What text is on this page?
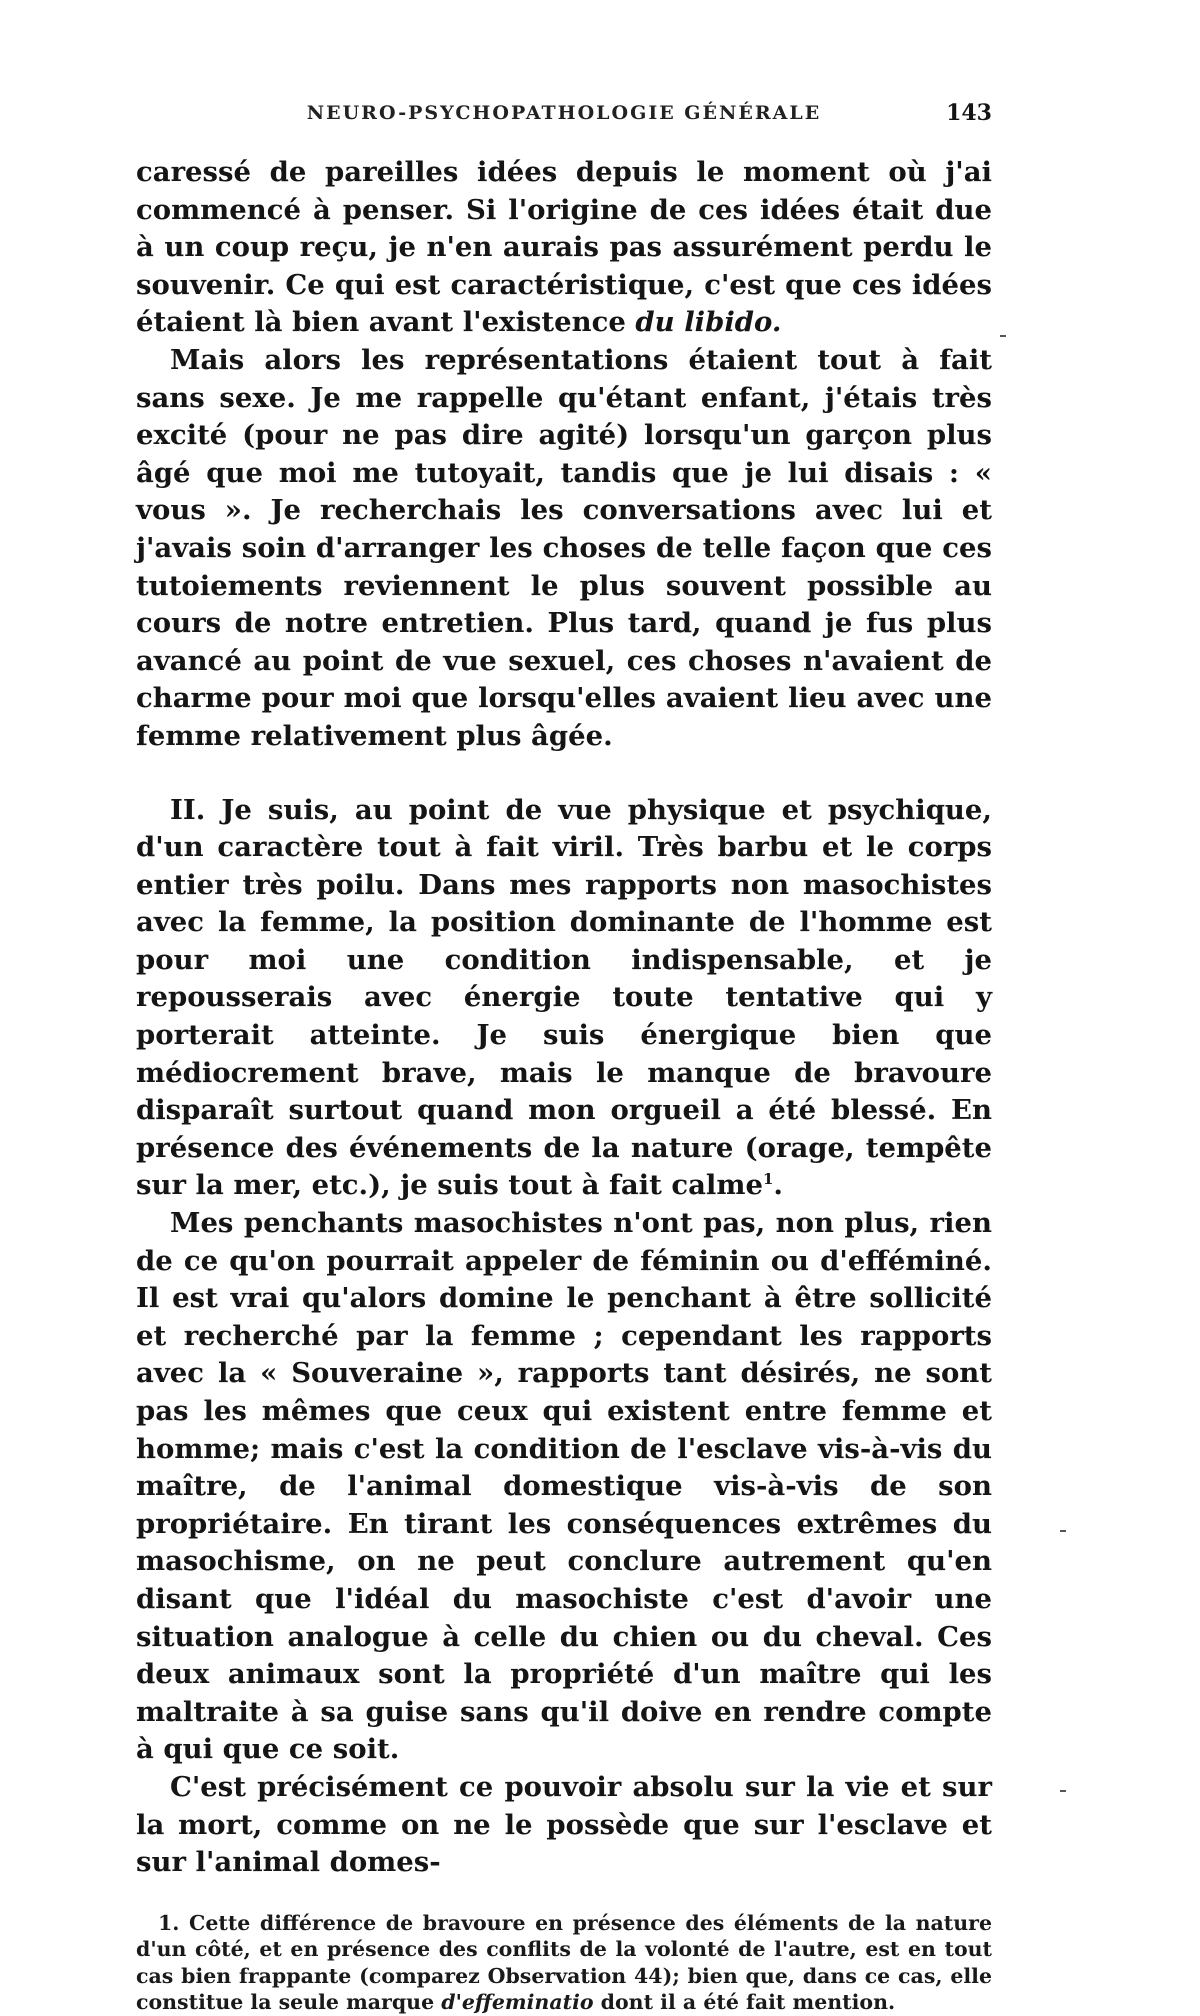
NEURO-PSYCHOPATHOLOGIE GÉNÉRALE	143

caressé de pareilles idées depuis le moment où j'ai commencé à penser. Si l'origine de ces idées était due à un coup reçu, je n'en aurais pas assurément perdu le souvenir. Ce qui est caractéristique, c'est que ces idées étaient là bien avant l'existence du libido.

Mais alors les représentations étaient tout à fait sans sexe. Je me rappelle qu'étant enfant, j'étais très excité (pour ne pas dire agité) lorsqu'un garçon plus âgé que moi me tutoyait, tandis que je lui disais : « vous ». Je recherchais les conversations avec lui et j'avais soin d'arranger les choses de telle façon que ces tutoiements reviennent le plus souvent possible au cours de notre entretien. Plus tard, quand je fus plus avancé au point de vue sexuel, ces choses n'avaient de charme pour moi que lorsqu'elles avaient lieu avec une femme relativement plus âgée.

II. Je suis, au point de vue physique et psychique, d'un caractère tout à fait viril. Très barbu et le corps entier très poilu. Dans mes rapports non masochistes avec la femme, la position dominante de l'homme est pour moi une condition indispensable, et je repousserais avec énergie toute tentative qui y porterait atteinte. Je suis énergique bien que médiocrement brave, mais le manque de bravoure disparaît surtout quand mon orgueil a été blessé. En présence des événements de la nature (orage, tempête sur la mer, etc.), je suis tout à fait calme$^1$.

Mes penchants masochistes n'ont pas, non plus, rien de ce qu'on pourrait appeler de féminin ou d'efféminé. Il est vrai qu'alors domine le penchant à être sollicité et recherché par la femme ; cependant les rapports avec la « Souveraine », rapports tant désirés, ne sont pas les mêmes que ceux qui existent entre femme et homme; mais c'est la condition de l'esclave vis-à-vis du maître, de l'animal domestique vis-à-vis de son propriétaire. En tirant les conséquences extrêmes du masochisme, on ne peut conclure autrement qu'en disant que l'idéal du masochiste c'est d'avoir une situation analogue à celle du chien ou du cheval. Ces deux animaux sont la propriété d'un maître qui les maltraite à sa guise sans qu'il doive en rendre compte à qui que ce soit.

C'est précisément ce pouvoir absolu sur la vie et sur la mort, comme on ne le possède que sur l'esclave et sur l'animal domes-

1. Cette différence de bravoure en présence des éléments de la nature d'un côté, et en présence des conflits de la volonté de l'autre, est en tout cas bien frappante (comparez Observation 44); bien que, dans ce cas, elle constitue la seule marque d'effeminatio dont il a été fait mention.
